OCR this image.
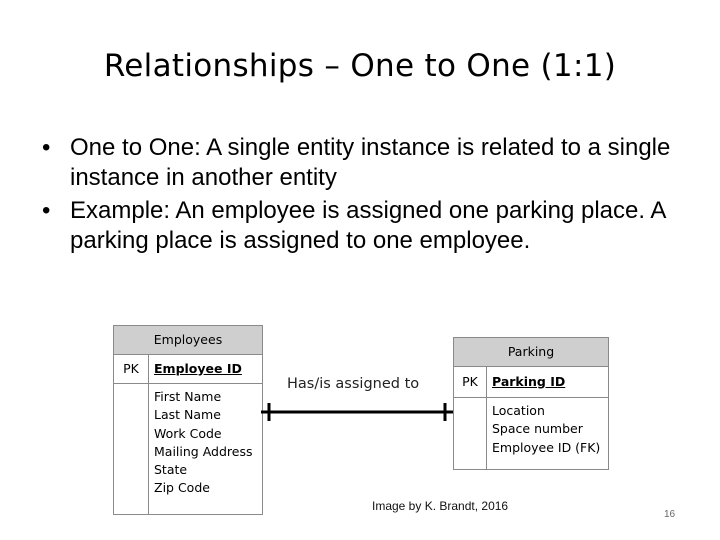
Relationships – One to One (1:1)
• One to One: A single entity instance is related to a single instance in another entity
• Example: An employee is assigned one parking place. A parking place is assigned to one employee.
Employees
PK	Employee ID
First Name
Last Name
Work Code
Mailing Address
State
Zip Code
Parking
PK	Parking ID
Location
Space number
Employee ID (FK)
Has/is assigned to
Image by K. Brandt, 2016
16
